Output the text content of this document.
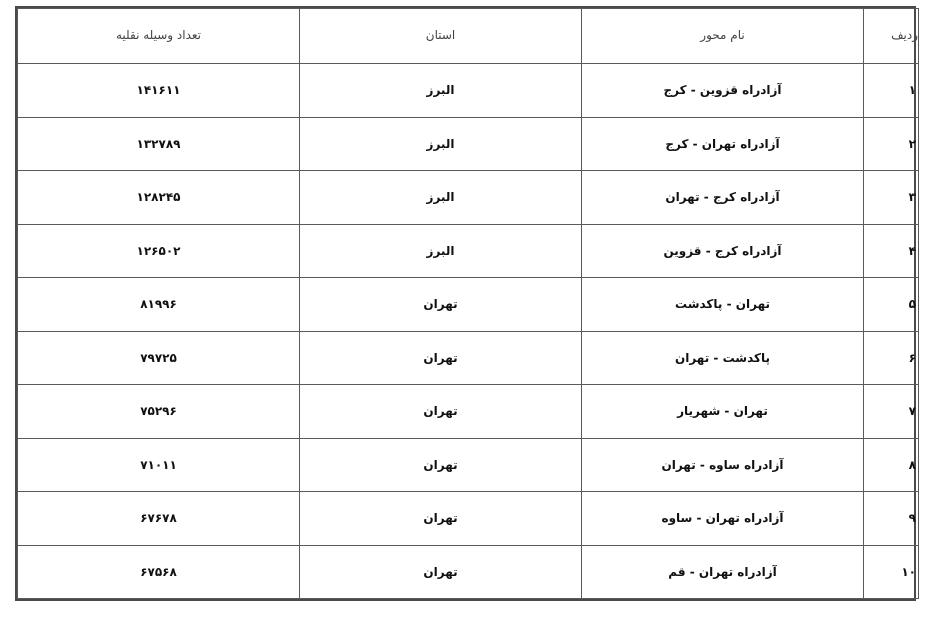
ردیف	نام محور	استان	تعداد وسیله نقلیه
۱	آزادراه قزوین - کرج	البرز	۱۴۱۶۱۱
۲	آزادراه تهران - کرج	البرز	۱۳۲۷۸۹
۳	آزادراه کرج - تهران	البرز	۱۲۸۲۴۵
۴	آزادراه کرج - قزوین	البرز	۱۲۶۵۰۲
۵	تهران - پاکدشت	تهران	۸۱۹۹۶
۶	پاکدشت - تهران	تهران	۷۹۷۲۵
۷	تهران - شهریار	تهران	۷۵۲۹۶
۸	آزادراه ساوه - تهران	تهران	۷۱۰۱۱
۹	آزادراه تهران - ساوه	تهران	۶۷۶۷۸
۱۰	آزادراه تهران - قم	تهران	۶۷۵۶۸
